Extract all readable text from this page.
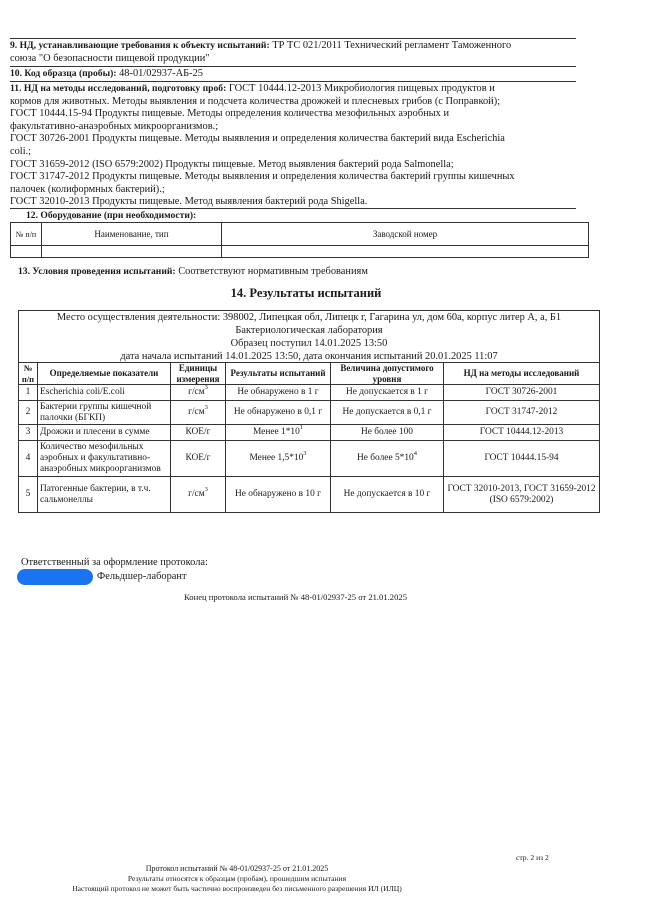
9. НД, устанавливающие требования к объекту испытаний: ТР ТС 021/2011 Технический регламент Таможенного
союза "О безопасности пищевой продукции"
10. Код образца (пробы): 48-01/02937-АБ-25
11. НД на методы исследований, подготовку проб: ГОСТ 10444.12-2013 Микробиология пищевых продуктов и
кормов для животных. Методы выявления и подсчета количества дрожжей и плесневых грибов (с Поправкой);
ГОСТ 10444.15-94 Продукты пищевые. Методы определения количества мезофильных аэробных и
факультативно-анаэробных микроорганизмов.;
ГОСТ 30726-2001 Продукты пищевые. Методы выявления и определения количества бактерий вида Escherichia
coli.;
ГОСТ 31659-2012 (ISO 6579:2002) Продукты пищевые. Метод выявления бактерий рода Salmonella;
ГОСТ 31747-2012 Продукты пищевые. Методы выявления и определения количества бактерий группы кишечных
палочек (колиформных бактерий).;
ГОСТ 32010-2013 Продукты пищевые. Метод выявления бактерий рода Shigella.
12. Оборудование (при необходимости):
№ п/п	Наименование, тип	Заводской номер

13. Условия проведения испытаний: Соответствуют нормативным требованиям
14. Результаты испытаний
Место осуществления деятельности: 398002, Липецкая обл, Липецк г, Гагарина ул, дом 60а, корпус литер А, а, Б1
Бактериологическая лаборатория
Образец поступил 14.01.2025 13:50
дата начала испытаний 14.01.2025 13:50, дата окончания испытаний 20.01.2025 11:07
№ п/п	Определяемые показатели	Единицы измерения	Результаты испытаний	Величина допустимого уровня	НД на методы исследований
1	Escherichia coli/E.coli	$г/см^3$	Не обнаружено в 1 г	Не допускается в 1 г	ГОСТ 30726-2001
2	Бактерии группы кишечной палочки (БГКП)	$г/см^3$	Не обнаружено в 0,1 г	Не допускается в 0,1 г	ГОСТ 31747-2012
3	Дрожжи и плесени в сумме	КОЕ/г	Менее $1*10^1$	Не более 100	ГОСТ 10444.12-2013
4	Количество мезофильных аэробных и факультативно-анаэробных микроорганизмов	КОЕ/г	Менее $1,5*10^3$	Не более $5*10^4$	ГОСТ 10444.15-94
5	Патогенные бактерии, в т.ч. сальмонеллы	$г/см^3$	Не обнаружено в 10 г	Не допускается в 10 г	ГОСТ 32010-2013, ГОСТ 31659-2012 (ISO 6579:2002)
Ответственный за оформление протокола:
Фельдшер-лаборант
Конец протокола испытаний № 48-01/02937-25 от 21.01.2025
стр. 2 из 2
Протокол испытаний № 48-01/02937-25 от 21.01.2025
Результаты относятся к образцам (пробам), прошедшим испытания
Настоящий протокол не может быть частично воспроизведен без письменного разрешения ИЛ (ИЛЦ)
